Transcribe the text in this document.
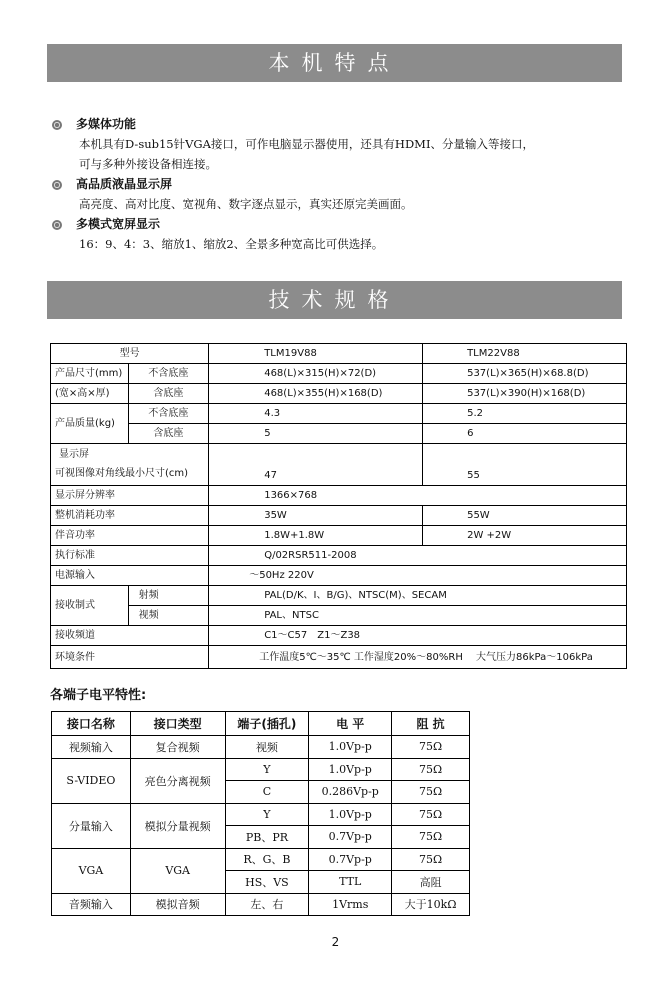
本机特点
多媒体功能
本机具有D-sub15针VGA接口，可作电脑显示器使用，还具有HDMI、分量输入等接口，
可与多种外接设备相连接。
高品质液晶显示屏
高亮度、高对比度、宽视角、数字逐点显示，真实还原完美画面。
多模式宽屏显示
16：9、4：3、缩放1、缩放2、全景多种宽高比可供选择。
技术规格
型号		TLM19V88	TLM22V88
产品尺寸(mm)	不含底座	468(L)×315(H)×72(D)	537(L)×365(H)×68.8(D)
(宽×高×厚)	含底座	468(L)×355(H)×168(D)	537(L)×390(H)×168(D)
产品质量(kg)	不含底座	4.3	5.2
	含底座	5	6

显示屏
可视图像对角线最小尺寸(cm)		47	55
显示屏分辨率		1366×768	
整机消耗功率		35W	55W
伴音功率		1.8W+1.8W	2W +2W
执行标准		Q/02RSR511-2008	
电源输入		～50Hz 220V	
接收制式	射频	PAL(D/K、I、B/G)、NTSC(M)、SECAM	
	视频	PAL、NTSC	
接收频道		C1～C57　Z1～Z38	
环境条件		工作温度5℃～35℃ 工作湿度20%～80%RH　 大气压力86kPa～106kPa	
各端子电平特性:
接口名称	接口类型	端子(插孔)	电 平	阻 抗
视频输入	复合视频	视频	1.0Vp-p	75Ω
S-VIDEO	亮色分离视频	Y	1.0Vp-p	75Ω
		C	0.286Vp-p	75Ω
分量输入	模拟分量视频	Y	1.0Vp-p	75Ω
		PB、PR	0.7Vp-p	75Ω
VGA	VGA	R、G、B	0.7Vp-p	75Ω
		HS、VS	TTL	高阻
音频输入	模拟音频	左、右	1Vrms	大于10kΩ
2
